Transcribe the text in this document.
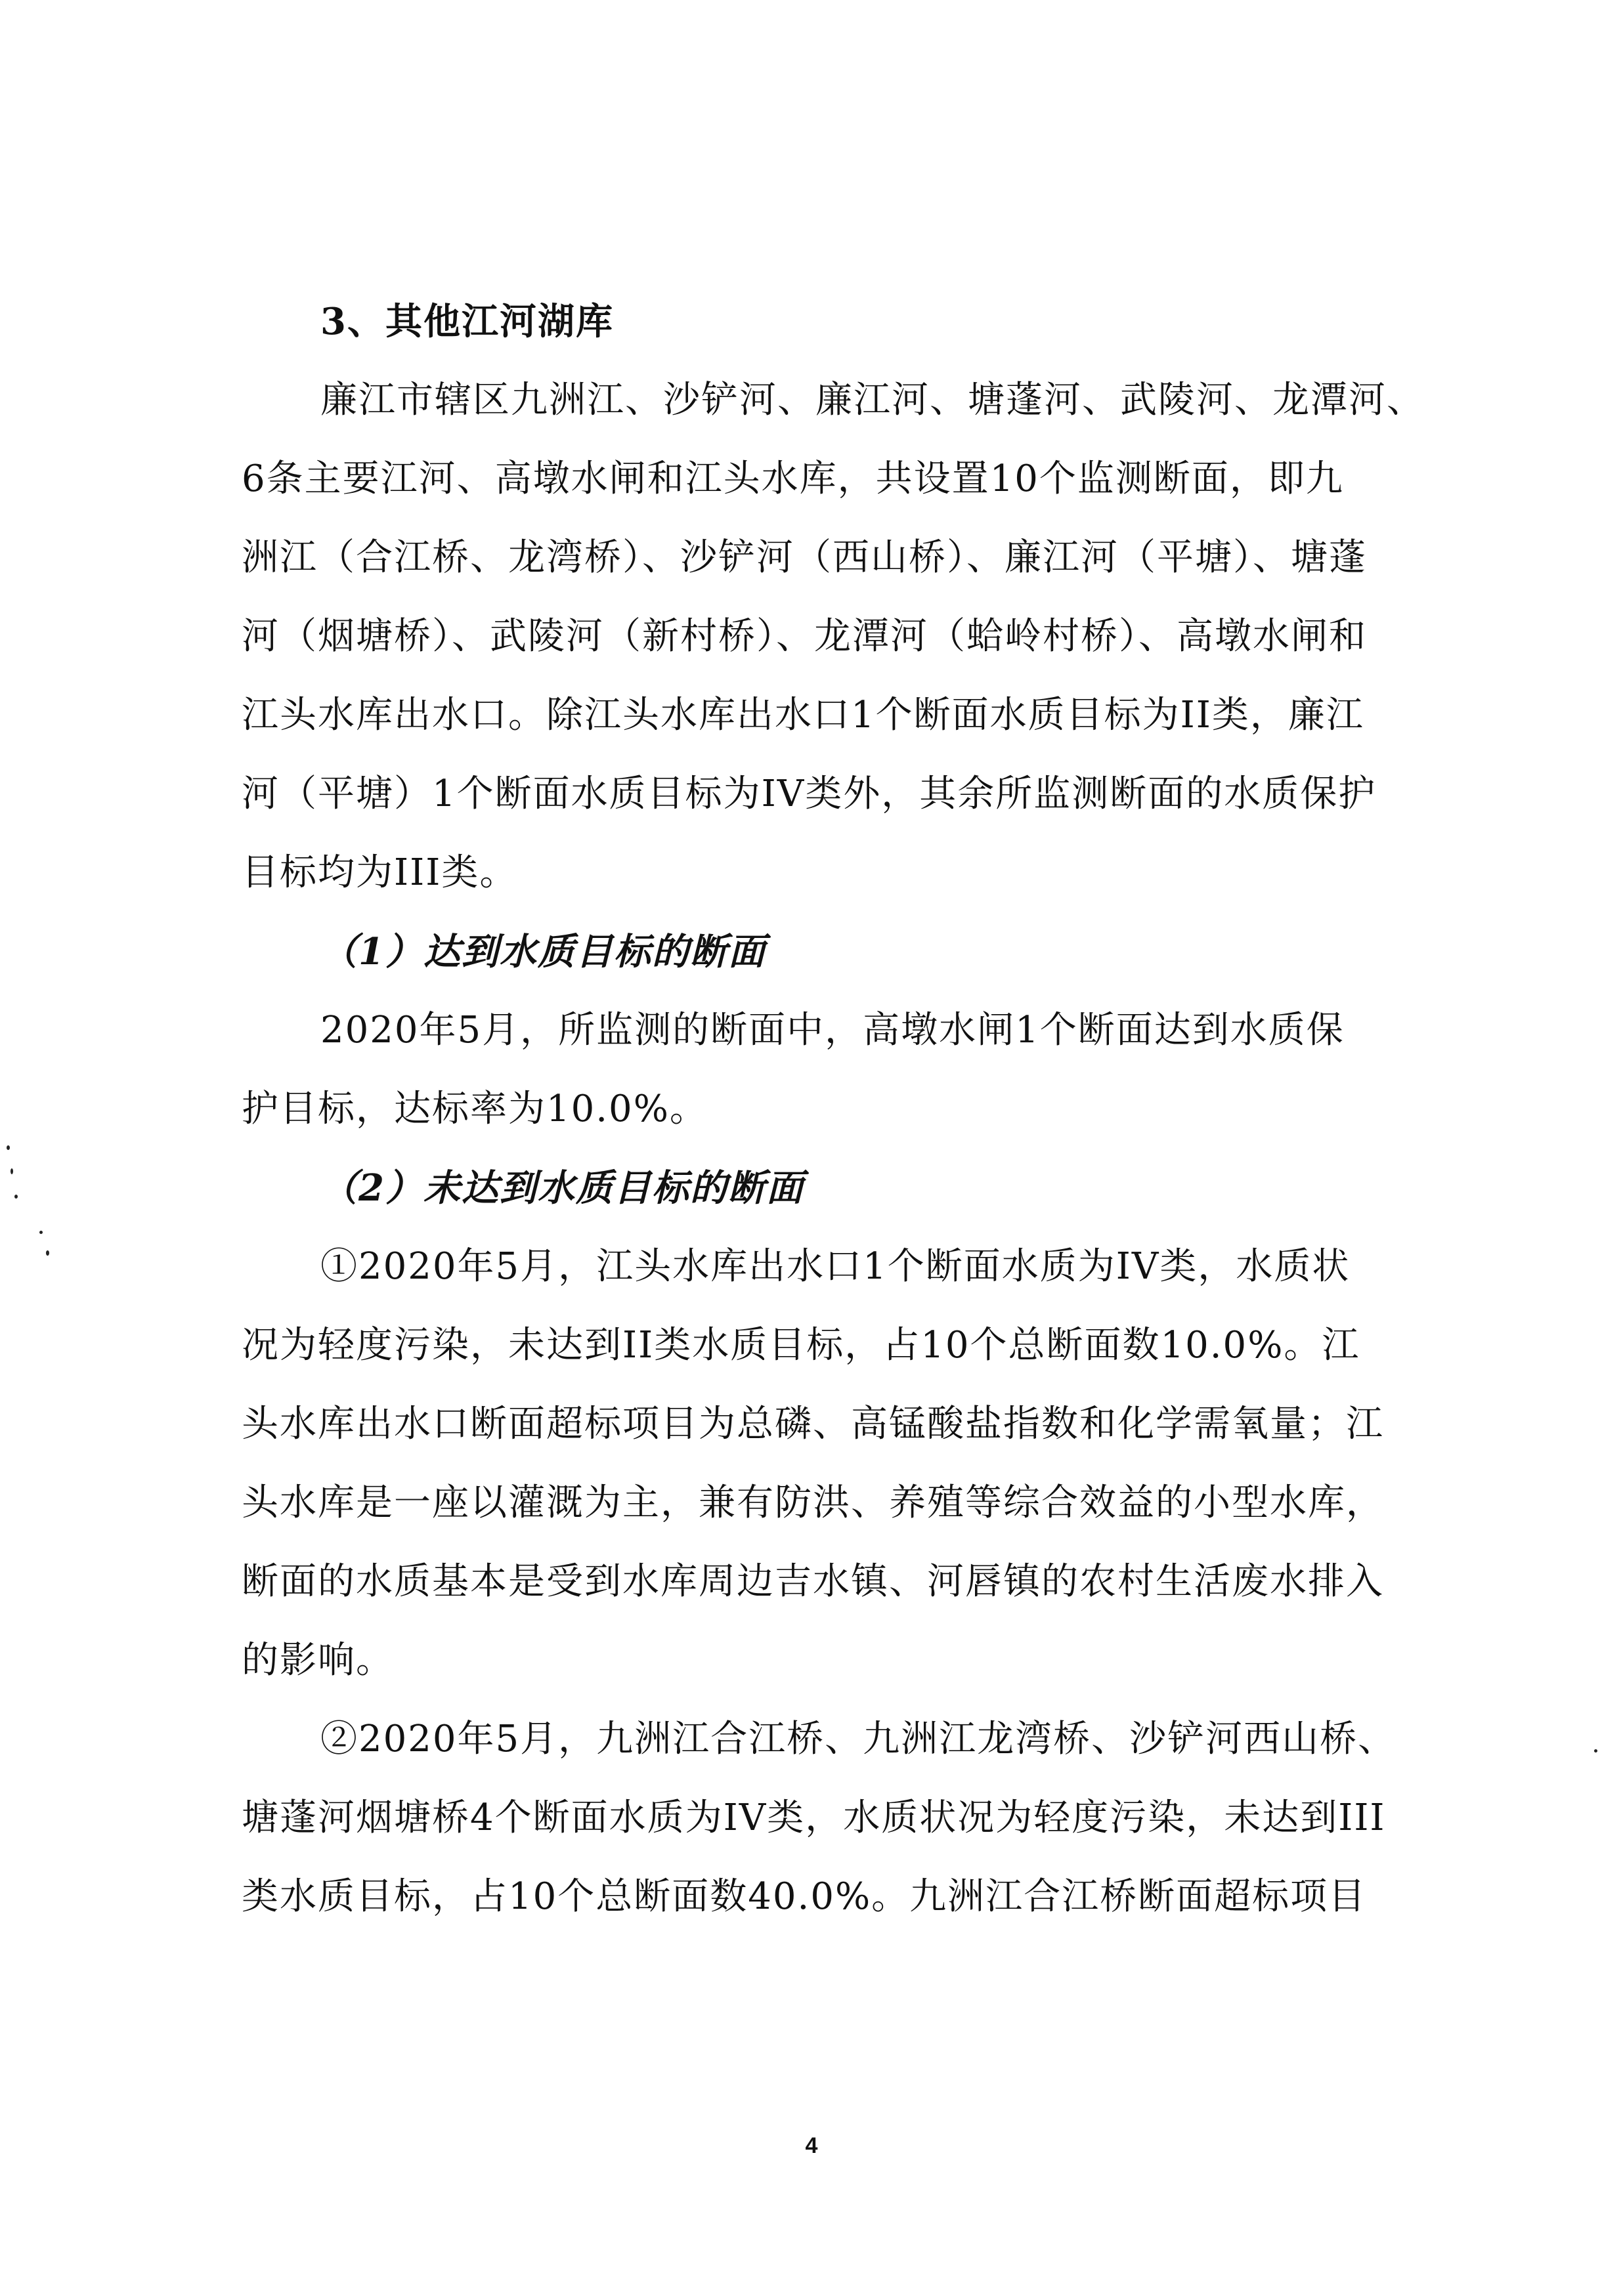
3、其他江河湖库
廉江市辖区九洲江、沙铲河、廉江河、塘蓬河、武陵河、龙潭河、
6条主要江河、高墩水闸和江头水库，共设置10个监测断面，即九
洲江（合江桥、龙湾桥）、沙铲河（西山桥）、廉江河（平塘）、塘蓬
河（烟塘桥）、武陵河（新村桥）、龙潭河（蛤岭村桥）、高墩水闸和
江头水库出水口。除江头水库出水口1个断面水质目标为II类，廉江
河（平塘）1个断面水质目标为IV类外，其余所监测断面的水质保护
目标均为III类。
（1）达到水质目标的断面
2020年5月，所监测的断面中，高墩水闸1个断面达到水质保
护目标，达标率为10.0%。
（2）未达到水质目标的断面
①2020年5月，江头水库出水口1个断面水质为IV类，水质状
况为轻度污染，未达到II类水质目标，占10个总断面数10.0%。江
头水库出水口断面超标项目为总磷、高锰酸盐指数和化学需氧量；江
头水库是一座以灌溉为主，兼有防洪、养殖等综合效益的小型水库，
断面的水质基本是受到水库周边吉水镇、河唇镇的农村生活废水排入
的影响。
②2020年5月，九洲江合江桥、九洲江龙湾桥、沙铲河西山桥、
塘蓬河烟塘桥4个断面水质为IV类，水质状况为轻度污染，未达到III
类水质目标，占10个总断面数40.0%。九洲江合江桥断面超标项目
4
